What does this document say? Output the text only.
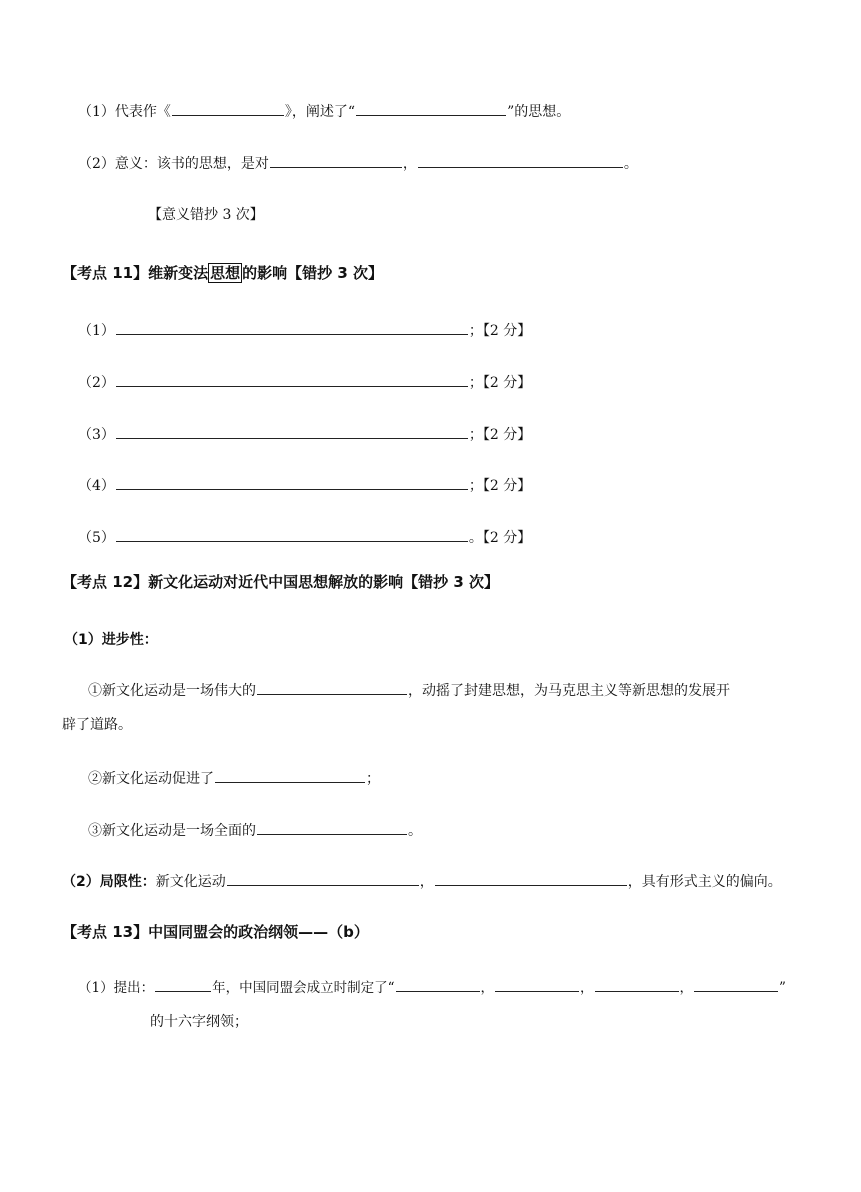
（1）代表作《	》，阐述了“	”的思想。
（2）意义：该书的思想，是对	，	。
【意义错抄 3 次】
【考点 11】维新变法 思想 的影响【错抄 3 次】
（1）	；【2 分】
（2）	；【2 分】
（3）	；【2 分】
（4）	；【2 分】
（5）	。【2 分】
【考点 12】新文化运动对近代中国思想解放的影响【错抄 3 次】
（1）进步性：
①新文化运动是一场伟大的	，动摇了封建思想，为马克思主义等新思想的发展开
辟了道路。
②新文化运动促进了	；
③新文化运动是一场全面的	。
（2）局限性：新文化运动	，	，具有形式主义的偏向。
【考点 13】中国同盟会的政治纲领——（b）
（1）提出：	年，中国同盟会成立时制定了“	，	，	，	”
的十六字纲领；
